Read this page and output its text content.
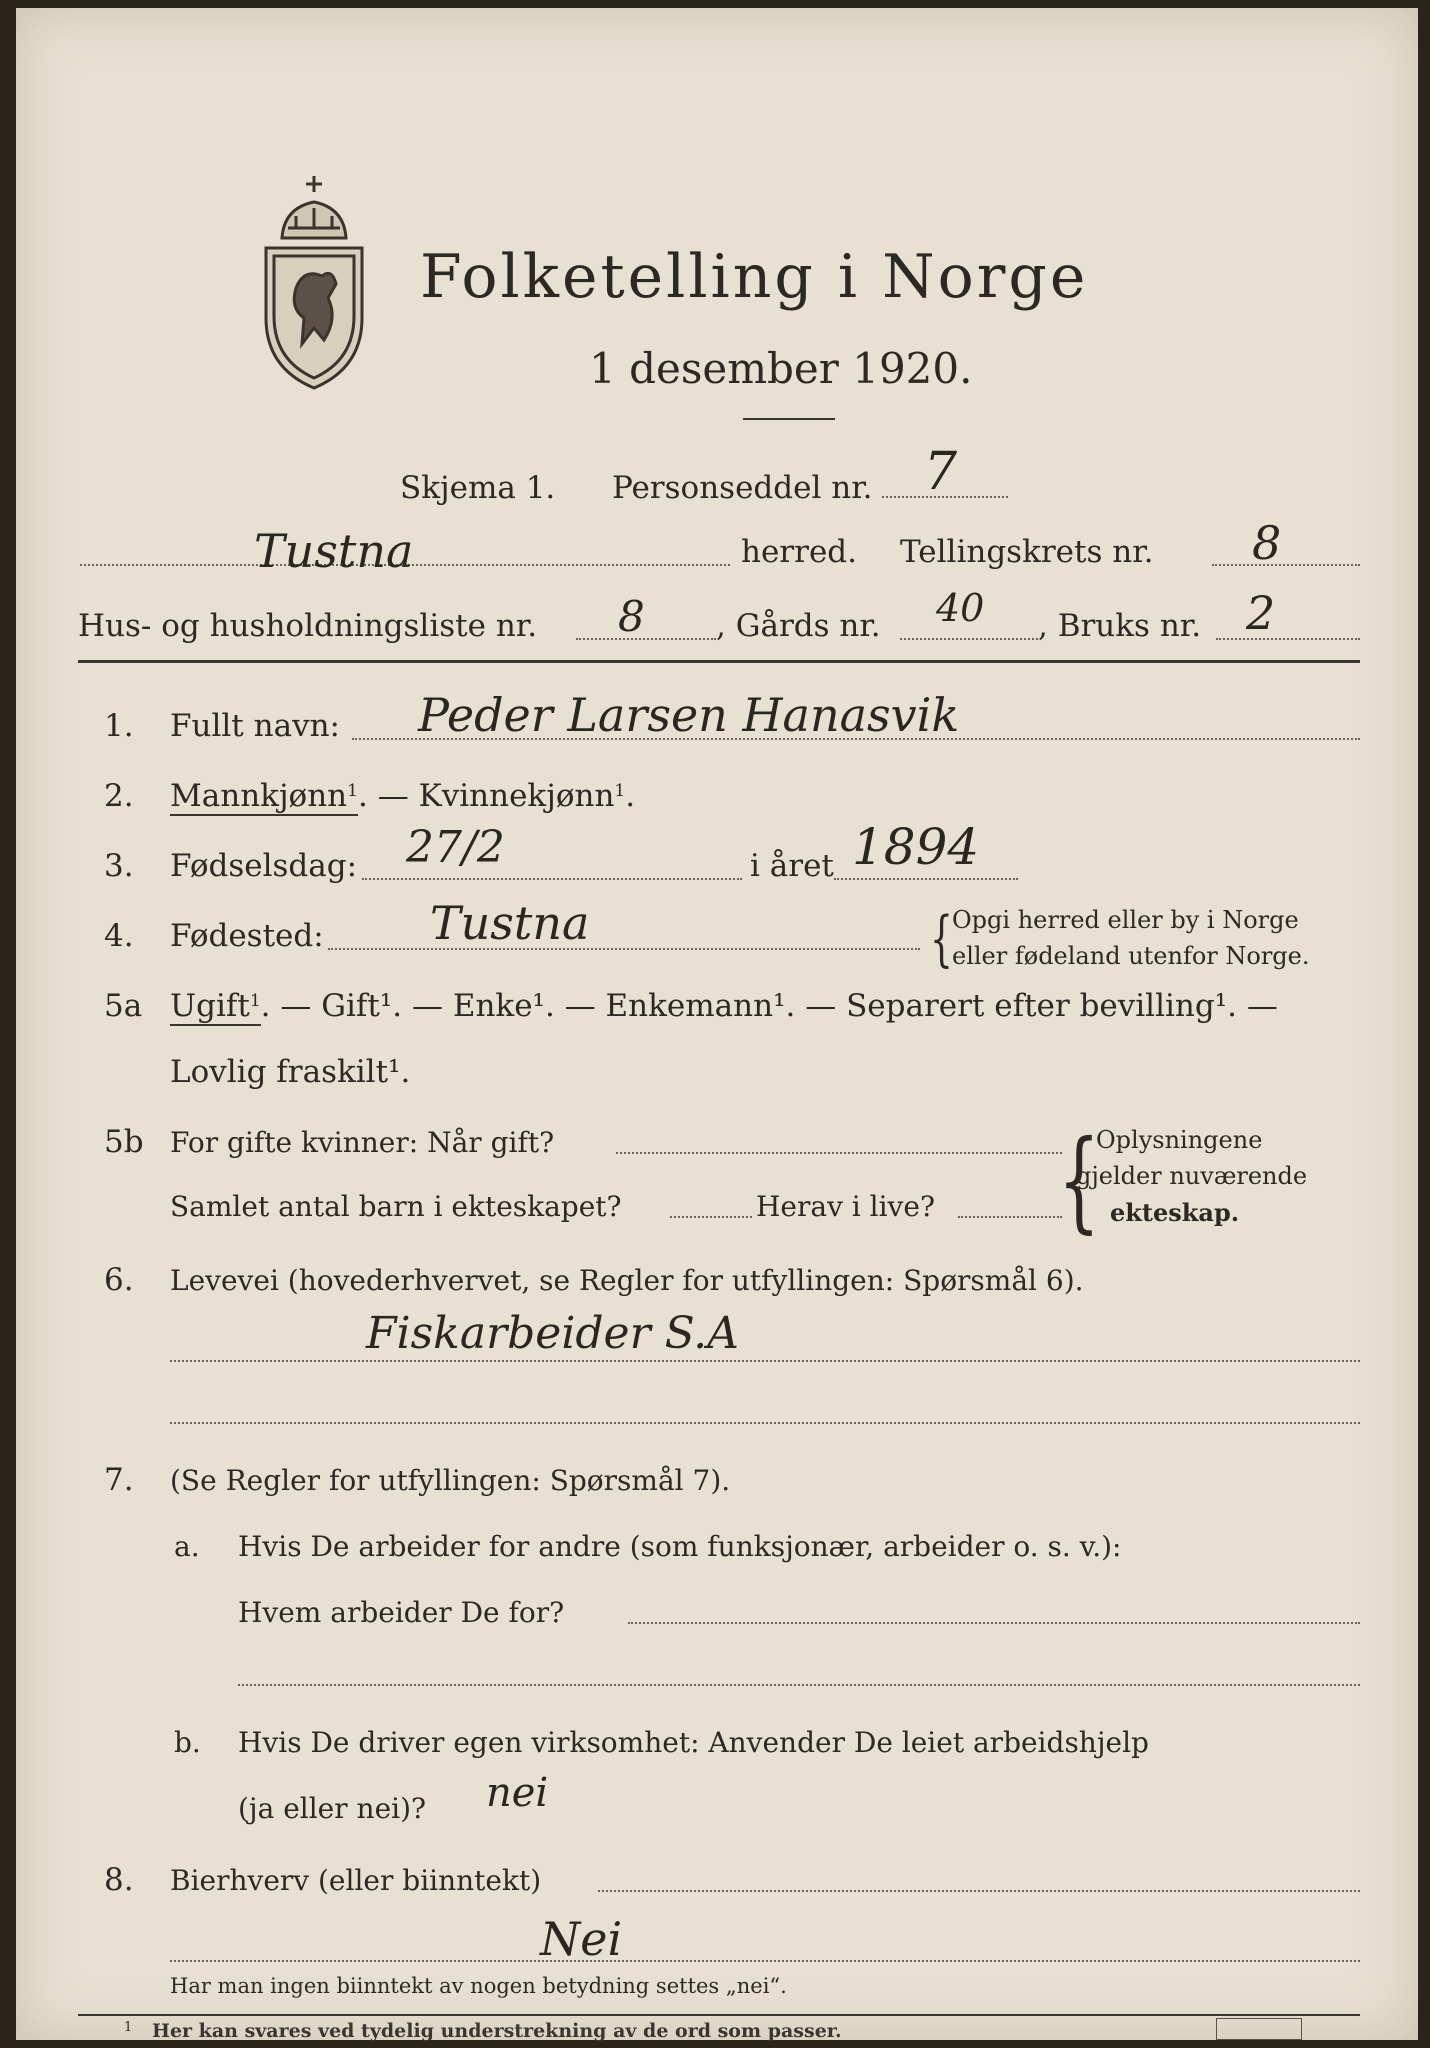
Folketelling i Norge
1 desember 1920.
Skjema 1. Personseddel nr. 7
Tustna	herred. Tellingskrets nr. 8
Hus- og husholdningsliste nr. 8 , Gårds nr. 40 , Bruks nr. 2
1. Fullt navn: Peder Larsen Hanasvik
2. Mannkjønn$^1$. — Kvinnekjønn$^1$.
3. Fødselsdag: 27/2	i året 1894
4. Fødested: Tustna	{ Opgi herred eller by i Norge
eller fødeland utenfor Norge.
5a Ugift$^1$. — Gift¹. — Enke¹. — Enkemann¹. — Separert efter bevilling¹. —
Lovlig fraskilt¹.
5b For gifte kvinner: Når gift?
Samlet antal barn i ekteskapet?	Herav i live? {
Oplysningene
gjelder nuværende
ekteskap.
6. Levevei (hovederhvervet, se Regler for utfyllingen: Spørsmål 6).
Fiskarbeider S.A
7. (Se Regler for utfyllingen: Spørsmål 7).
a. Hvis De arbeider for andre (som funksjonær, arbeider o. s. v.):
Hvem arbeider De for?
b. Hvis De driver egen virksomhet: Anvender De leiet arbeidshjelp
(ja eller nei)? nei
8. Bierhverv (eller biinntekt)
Nei
Har man ingen biinntekt av nogen betydning settes „nei“.
1 Her kan svares ved tydelig understrekning av de ord som passer.
